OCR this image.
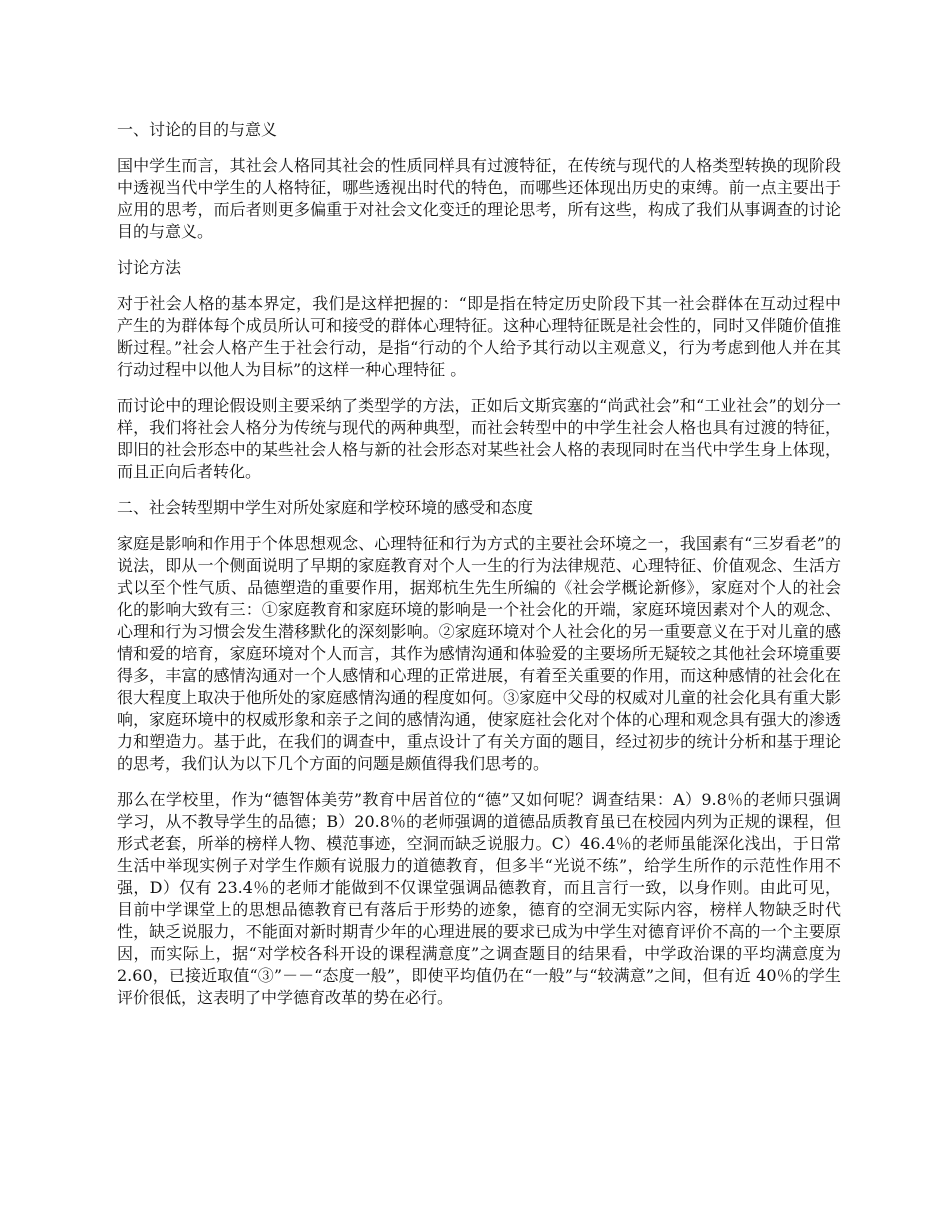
一、讨论的目的与意义
国中学生而言，其社会人格同其社会的性质同样具有过渡特征，在传统与现代的人格类型转换的现阶段中透视当代中学生的人格特征，哪些透视出时代的特色，而哪些还体现出历史的束缚。前一点主要出于应用的思考，而后者则更多偏重于对社会文化变迁的理论思考，所有这些，构成了我们从事调查的讨论目的与意义。
讨论方法
对于社会人格的基本界定，我们是这样把握的：“即是指在特定历史阶段下其一社会群体在互动过程中产生的为群体每个成员所认可和接受的群体心理特征。这种心理特征既是社会性的，同时又伴随价值推断过程。”社会人格产生于社会行动，是指“行动的个人给予其行动以主观意义，行为考虑到他人并在其行动过程中以他人为目标”的这样一种心理特征 。
而讨论中的理论假设则主要采纳了类型学的方法，正如后文斯宾塞的“尚武社会”和“工业社会”的划分一样，我们将社会人格分为传统与现代的两种典型，而社会转型中的中学生社会人格也具有过渡的特征，即旧的社会形态中的某些社会人格与新的社会形态对某些社会人格的表现同时在当代中学生身上体现，而且正向后者转化。
二、社会转型期中学生对所处家庭和学校环境的感受和态度
家庭是影响和作用于个体思想观念、心理特征和行为方式的主要社会环境之一，我国素有“三岁看老”的说法，即从一个侧面说明了早期的家庭教育对个人一生的行为法律规范、心理特征、价值观念、生活方式以至个性气质、品德塑造的重要作用，据郑杭生先生所编的《社会学概论新修》，家庭对个人的社会化的影响大致有三：①家庭教育和家庭环境的影响是一个社会化的开端，家庭环境因素对个人的观念、心理和行为习惯会发生潜移默化的深刻影响。②家庭环境对个人社会化的另一重要意义在于对儿童的感情和爱的培育，家庭环境对个人而言，其作为感情沟通和体验爱的主要场所无疑较之其他社会环境重要得多，丰富的感情沟通对一个人感情和心理的正常进展，有着至关重要的作用，而这种感情的社会化在很大程度上取决于他所处的家庭感情沟通的程度如何。③家庭中父母的权威对儿童的社会化具有重大影响，家庭环境中的权威形象和亲子之间的感情沟通，使家庭社会化对个体的心理和观念具有强大的渗透力和塑造力。基于此，在我们的调查中，重点设计了有关方面的题目，经过初步的统计分析和基于理论的思考，我们认为以下几个方面的问题是颇值得我们思考的。
那么在学校里，作为“德智体美劳”教育中居首位的“德”又如何呢？调查结果：A）9.8％的老师只强调学习，从不教导学生的品德；B）20.8％的老师强调的道德品质教育虽已在校园内列为正规的课程，但形式老套，所举的榜样人物、模范事迹，空洞而缺乏说服力。C）46.4％的老师虽能深化浅出，于日常生活中举现实例子对学生作颇有说服力的道德教育，但多半“光说不练”，给学生所作的示范性作用不强，D）仅有 23.4％的老师才能做到不仅课堂强调品德教育，而且言行一致，以身作则。由此可见，目前中学课堂上的思想品德教育已有落后于形势的迹象，德育的空洞无实际内容，榜样人物缺乏时代性，缺乏说服力，不能面对新时期青少年的心理进展的要求已成为中学生对德育评价不高的一个主要原因，而实际上，据“对学校各科开设的课程满意度”之调查题目的结果看，中学政治课的平均满意度为 2.60，已接近取值“③”－－“态度一般”，即使平均值仍在“一般”与“较满意”之间，但有近 40％的学生评价很低，这表明了中学德育改革的势在必行。
